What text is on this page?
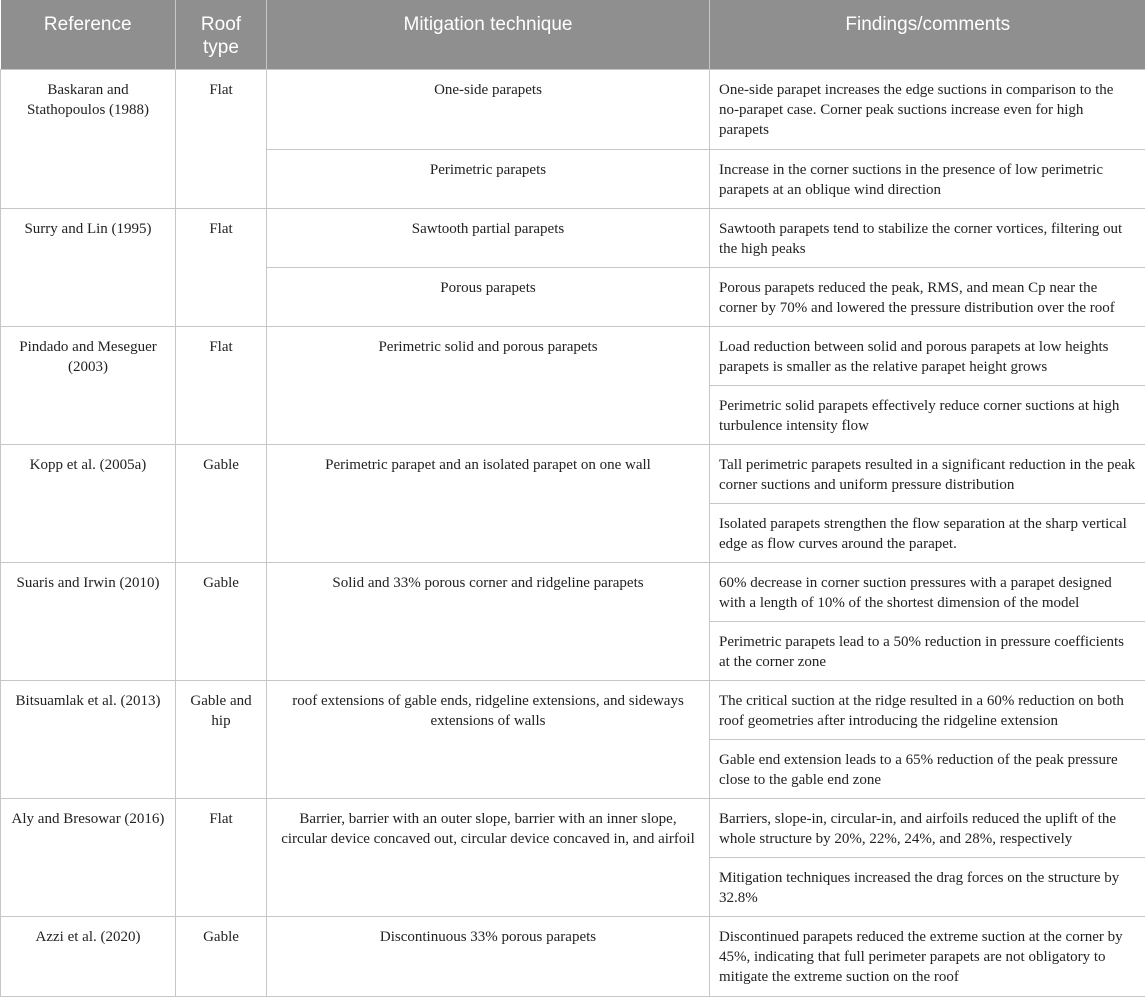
Reference	Roof type	Mitigation technique	Findings/comments
Baskaran and Stathopoulos (1988)	Flat	One-side parapets	One-side parapet increases the edge suctions in comparison to the no-parapet case. Corner peak suctions increase even for high parapets
		Perimetric parapets	Increase in the corner suctions in the presence of low perimetric parapets at an oblique wind direction
Surry and Lin (1995)	Flat	Sawtooth partial parapets	Sawtooth parapets tend to stabilize the corner vortices, filtering out the high peaks
		Porous parapets	Porous parapets reduced the peak, RMS, and mean Cp near the corner by 70% and lowered the pressure distribution over the roof
Pindado and Meseguer (2003)	Flat	Perimetric solid and porous parapets	Load reduction between solid and porous parapets at low heights parapets is smaller as the relative parapet height grows
			Perimetric solid parapets effectively reduce corner suctions at high turbulence intensity flow
Kopp et al. (2005a)	Gable	Perimetric parapet and an isolated parapet on one wall	Tall perimetric parapets resulted in a significant reduction in the peak corner suctions and uniform pressure distribution
			Isolated parapets strengthen the flow separation at the sharp vertical edge as flow curves around the parapet.
Suaris and Irwin (2010)	Gable	Solid and 33% porous corner and ridgeline parapets	60% decrease in corner suction pressures with a parapet designed with a length of 10% of the shortest dimension of the model
			Perimetric parapets lead to a 50% reduction in pressure coefficients at the corner zone
Bitsuamlak et al. (2013)	Gable and hip	roof extensions of gable ends, ridgeline extensions, and sideways extensions of walls	The critical suction at the ridge resulted in a 60% reduction on both roof geometries after introducing the ridgeline extension
			Gable end extension leads to a 65% reduction of the peak pressure close to the gable end zone
Aly and Bresowar (2016)	Flat	Barrier, barrier with an outer slope, barrier with an inner slope, circular device concaved out, circular device concaved in, and airfoil	Barriers, slope-in, circular-in, and airfoils reduced the uplift of the whole structure by 20%, 22%, 24%, and 28%, respectively
			Mitigation techniques increased the drag forces on the structure by 32.8%
Azzi et al. (2020)	Gable	Discontinuous 33% porous parapets	Discontinued parapets reduced the extreme suction at the corner by 45%, indicating that full perimeter parapets are not obligatory to mitigate the extreme suction on the roof
